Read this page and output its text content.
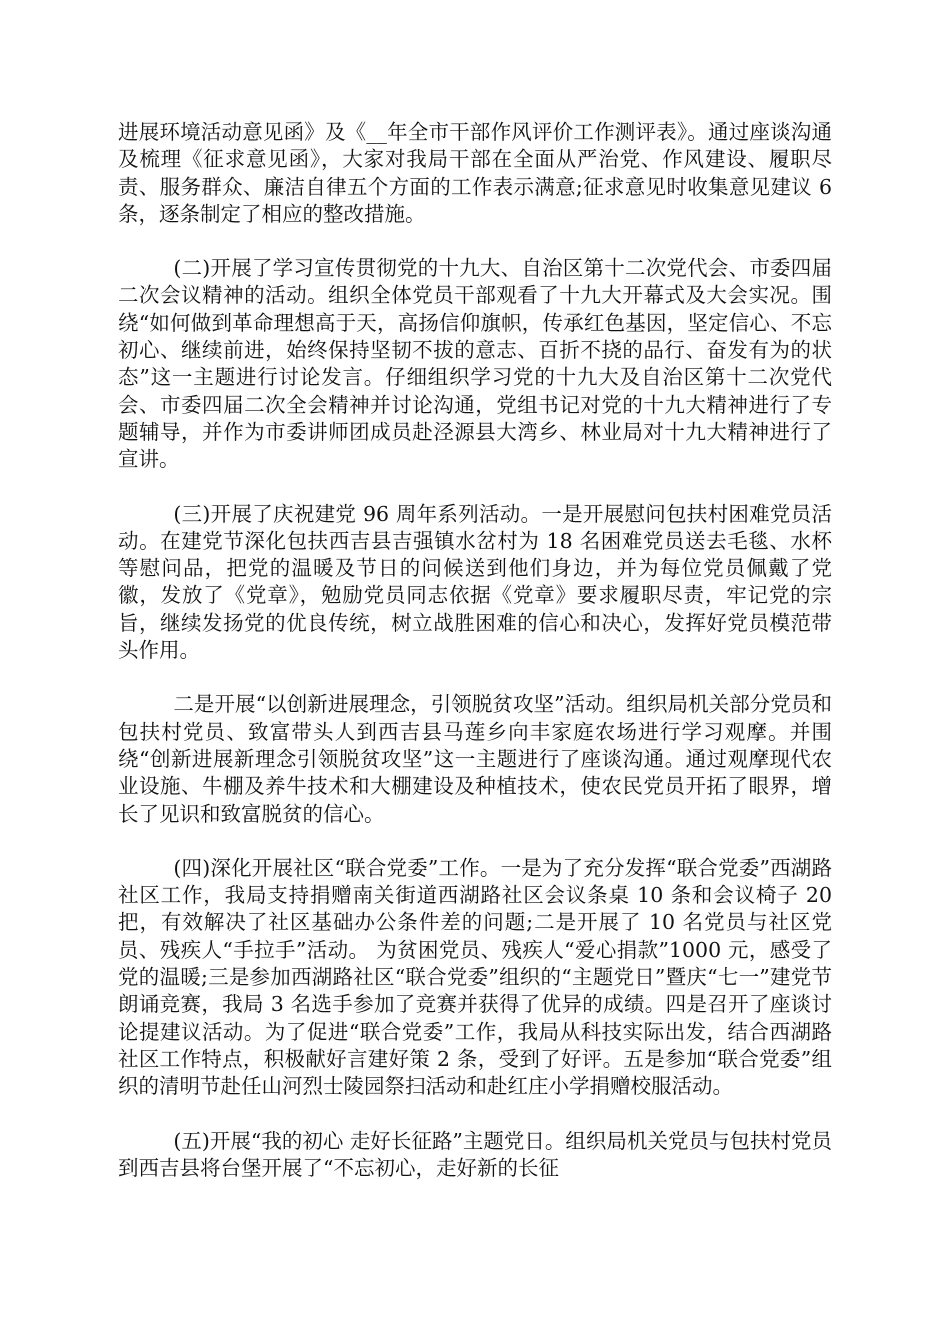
进展环境活动意见函》及《__年全市干部作风评价工作测评表》。通过座谈沟通及梳理《征求意见函》，大家对我局干部在全面从严治党、作风建设、履职尽责、服务群众、廉洁自律五个方面的工作表示满意;征求意见时收集意见建议 6 条，逐条制定了相应的整改措施。

(二)开展了学习宣传贯彻党的十九大、自治区第十二次党代会、市委四届二次会议精神的活动。组织全体党员干部观看了十九大开幕式及大会实况。围绕“如何做到革命理想高于天，高扬信仰旗帜，传承红色基因，坚定信心、不忘初心、继续前进，始终保持坚韧不拔的意志、百折不挠的品行、奋发有为的状态”这一主题进行讨论发言。仔细组织学习党的十九大及自治区第十二次党代会、市委四届二次全会精神并讨论沟通，党组书记对党的十九大精神进行了专题辅导，并作为市委讲师团成员赴泾源县大湾乡、林业局对十九大精神进行了宣讲。

(三)开展了庆祝建党 96 周年系列活动。一是开展慰问包扶村困难党员活动。在建党节深化包扶西吉县吉强镇水岔村为 18 名困难党员送去毛毯、水杯等慰问品，把党的温暖及节日的问候送到他们身边，并为每位党员佩戴了党徽，发放了《党章》，勉励党员同志依据《党章》要求履职尽责，牢记党的宗旨，继续发扬党的优良传统，树立战胜困难的信心和决心，发挥好党员模范带头作用。

二是开展“以创新进展理念，引领脱贫攻坚”活动。组织局机关部分党员和包扶村党员、致富带头人到西吉县马莲乡向丰家庭农场进行学习观摩。并围绕“创新进展新理念引领脱贫攻坚”这一主题进行了座谈沟通。通过观摩现代农业设施、牛棚及养牛技术和大棚建设及种植技术，使农民党员开拓了眼界，增长了见识和致富脱贫的信心。

(四)深化开展社区“联合党委”工作。一是为了充分发挥“联合党委”西湖路社区工作，我局支持捐赠南关街道西湖路社区会议条桌 10 条和会议椅子 20 把，有效解决了社区基础办公条件差的问题;二是开展了 10 名党员与社区党员、残疾人“手拉手”活动。 为贫困党员、残疾人“爱心捐款”1000 元，感受了党的温暖;三是参加西湖路社区“联合党委”组织的“主题党日”暨庆“七一”建党节朗诵竞赛，我局 3 名选手参加了竞赛并获得了优异的成绩。四是召开了座谈讨论提建议活动。为了促进“联合党委”工作，我局从科技实际出发，结合西湖路社区工作特点，积极献好言建好策 2 条，受到了好评。五是参加“联合党委”组织的清明节赴任山河烈士陵园祭扫活动和赴红庄小学捐赠校服活动。

(五)开展“我的初心 走好长征路”主题党日。组织局机关党员与包扶村党员到西吉县将台堡开展了“不忘初心，走好新的长征
